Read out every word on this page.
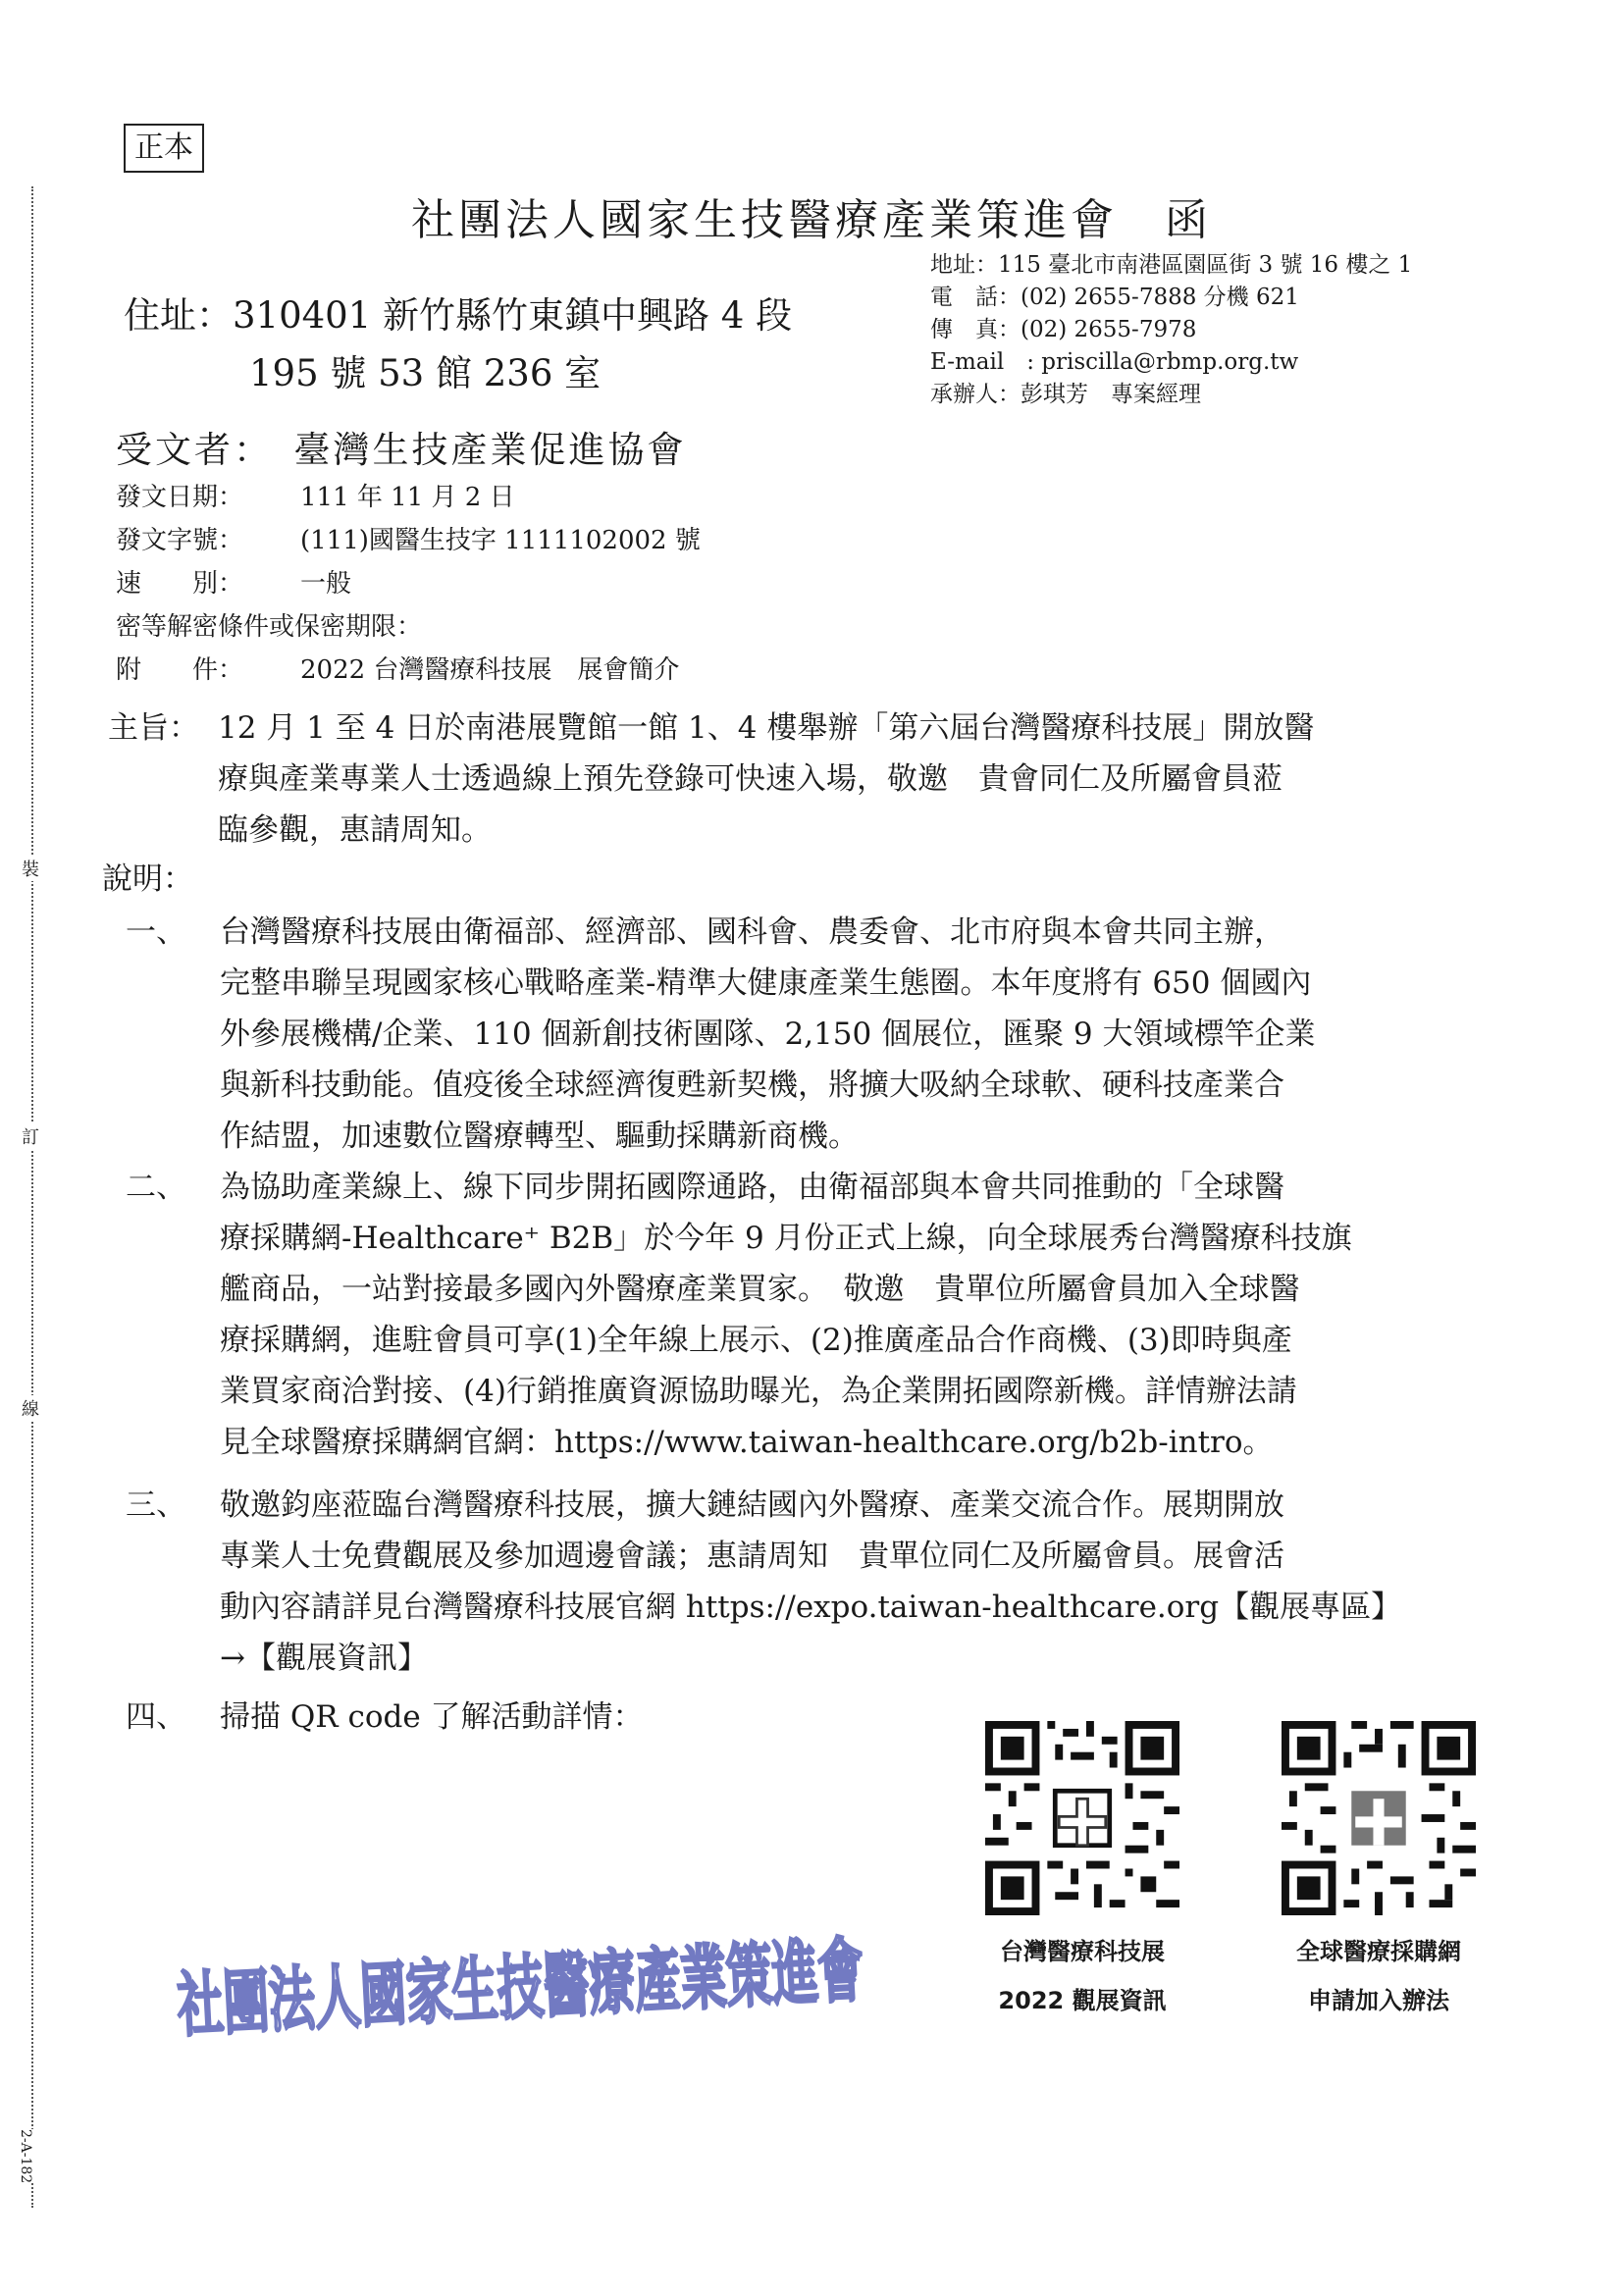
裝
訂
線
2-A-182
正本
社團法人國家生技醫療產業策進會 函
住址：310401 新竹縣竹東鎮中興路 4 段
195 號 53 館 236 室
地址：115 臺北市南港區園區街 3 號 16 樓之 1
電　話：(02) 2655-7888 分機 621
傳　真：(02) 2655-7978
E-mail　: priscilla@rbmp.org.tw
承辦人：彭琪芳　專案經理
受文者：　臺灣生技產業促進協會
發文日期： 111 年 11 月 2 日
發文字號： (111)國醫生技字 1111102002 號
速　　別： 一般
密等解密條件或保密期限：
附　　件： 2022 台灣醫療科技展　展會簡介
主旨： 12 月 1 至 4 日於南港展覽館一館 1、4 樓舉辦「第六屆台灣醫療科技展」開放醫
療與產業專業人士透過線上預先登錄可快速入場，敬邀　貴會同仁及所屬會員蒞
臨參觀，惠請周知。
說明：
一、 台灣醫療科技展由衛福部、經濟部、國科會、農委會、北市府與本會共同主辦，
完整串聯呈現國家核心戰略產業-精準大健康產業生態圈。本年度將有 650 個國內
外參展機構/企業、110 個新創技術團隊、2,150 個展位，匯聚 9 大領域標竿企業
與新科技動能。值疫後全球經濟復甦新契機，將擴大吸納全球軟、硬科技產業合
作結盟，加速數位醫療轉型、驅動採購新商機。
二、 為協助產業線上、線下同步開拓國際通路，由衛福部與本會共同推動的「全球醫
療採購網-Healthcare⁺ B2B」於今年 9 月份正式上線，向全球展秀台灣醫療科技旗
艦商品，一站對接最多國內外醫療產業買家。　敬邀　貴單位所屬會員加入全球醫
療採購網，進駐會員可享(1)全年線上展示、(2)推廣產品合作商機、(3)即時與產
業買家商洽對接、(4)行銷推廣資源協助曝光，為企業開拓國際新機。詳情辦法請
見全球醫療採購網官網：https://www.taiwan-healthcare.org/b2b-intro。
三、 敬邀鈞座蒞臨台灣醫療科技展，擴大鏈結國內外醫療、產業交流合作。展期開放
專業人士免費觀展及參加週邊會議；惠請周知　貴單位同仁及所屬會員。展會活
動內容請詳見台灣醫療科技展官網 https://expo.taiwan-healthcare.org【觀展專區】
→【觀展資訊】
四、 掃描 QR code 了解活動詳情：
台灣醫療科技展
2022 觀展資訊
全球醫療採購網
申請加入辦法
社團法人國家生技醫療產業策進會
